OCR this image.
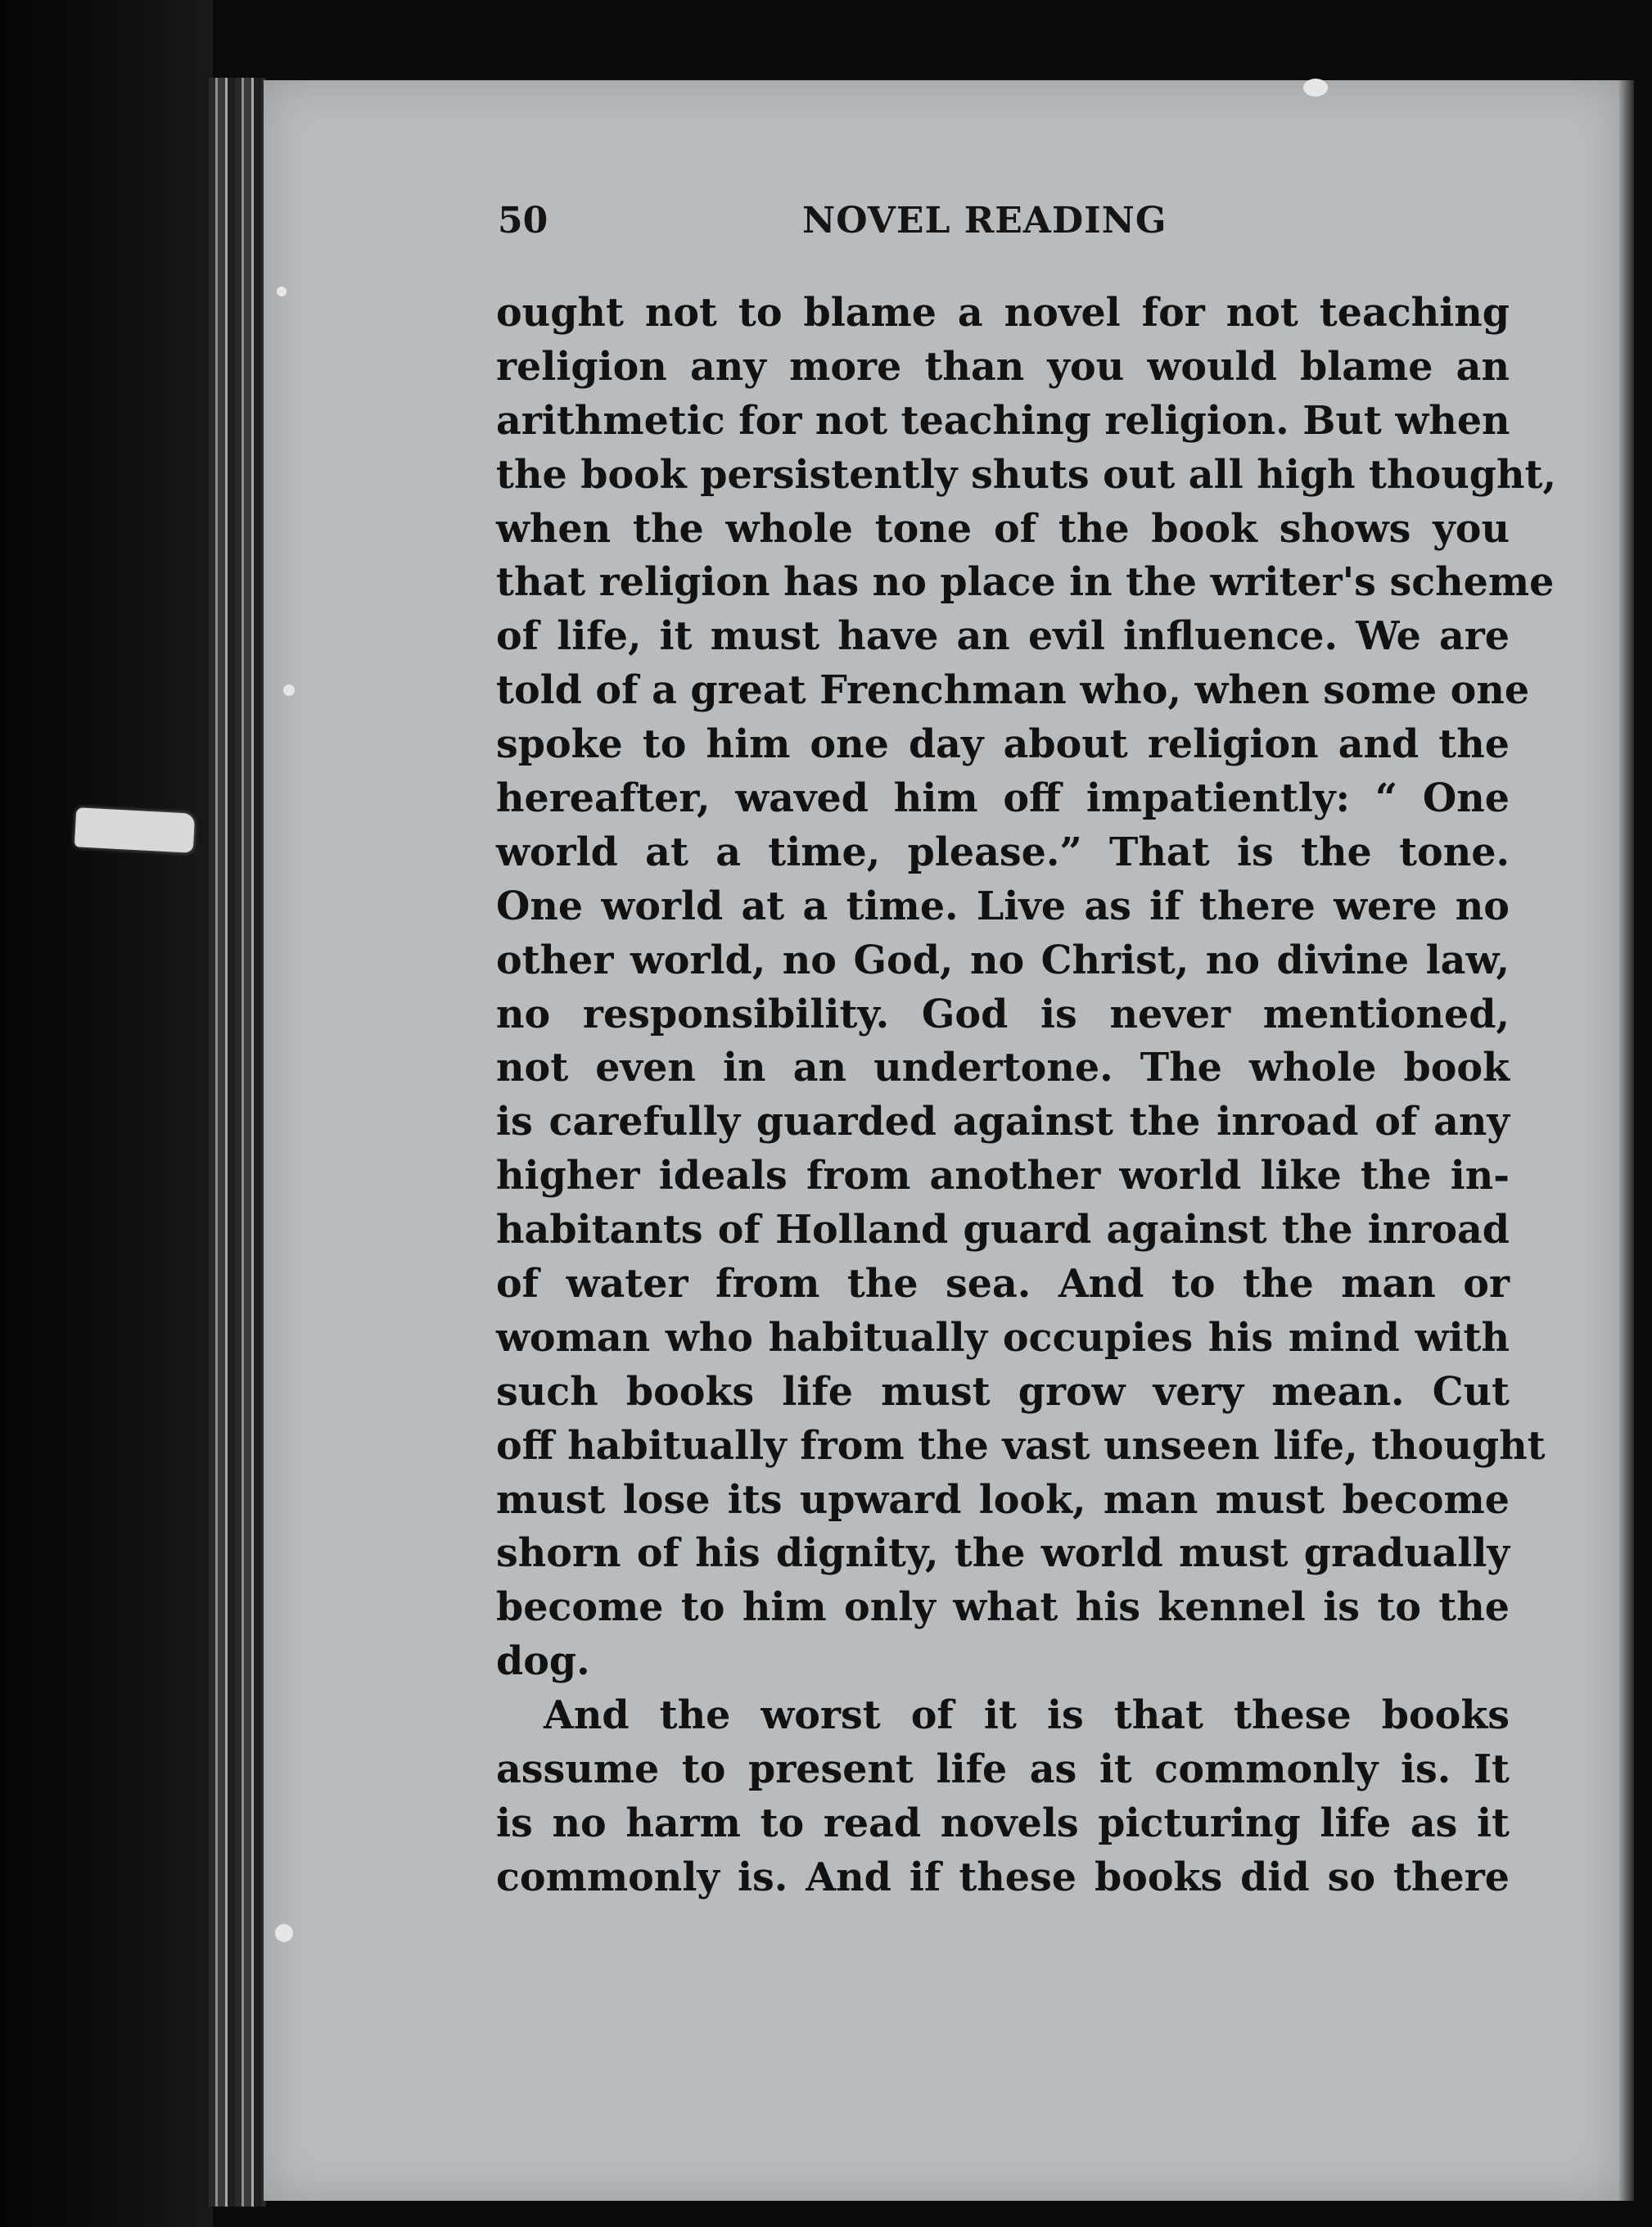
50	NOVEL READING
ought not to blame a novel for not teaching
religion any more than you would blame an
arithmetic for not teaching religion. But when
the book persistently shuts out all high thought,
when the whole tone of the book shows you
that religion has no place in the writer's scheme
of life, it must have an evil influence. We are
told of a great Frenchman who, when some one
spoke to him one day about religion and the
hereafter, waved him off impatiently: “ One
world at a time, please.” That is the tone.
One world at a time. Live as if there were no
other world, no God, no Christ, no divine law,
no responsibility. God is never mentioned,
not even in an undertone. The whole book
is carefully guarded against the inroad of any
higher ideals from another world like the in-
habitants of Holland guard against the inroad
of water from the sea. And to the man or
woman who habitually occupies his mind with
such books life must grow very mean. Cut
off habitually from the vast unseen life, thought
must lose its upward look, man must become
shorn of his dignity, the world must gradually
become to him only what his kennel is to the
dog.
And the worst of it is that these books
assume to present life as it commonly is. It
is no harm to read novels picturing life as it
commonly is. And if these books did so there
